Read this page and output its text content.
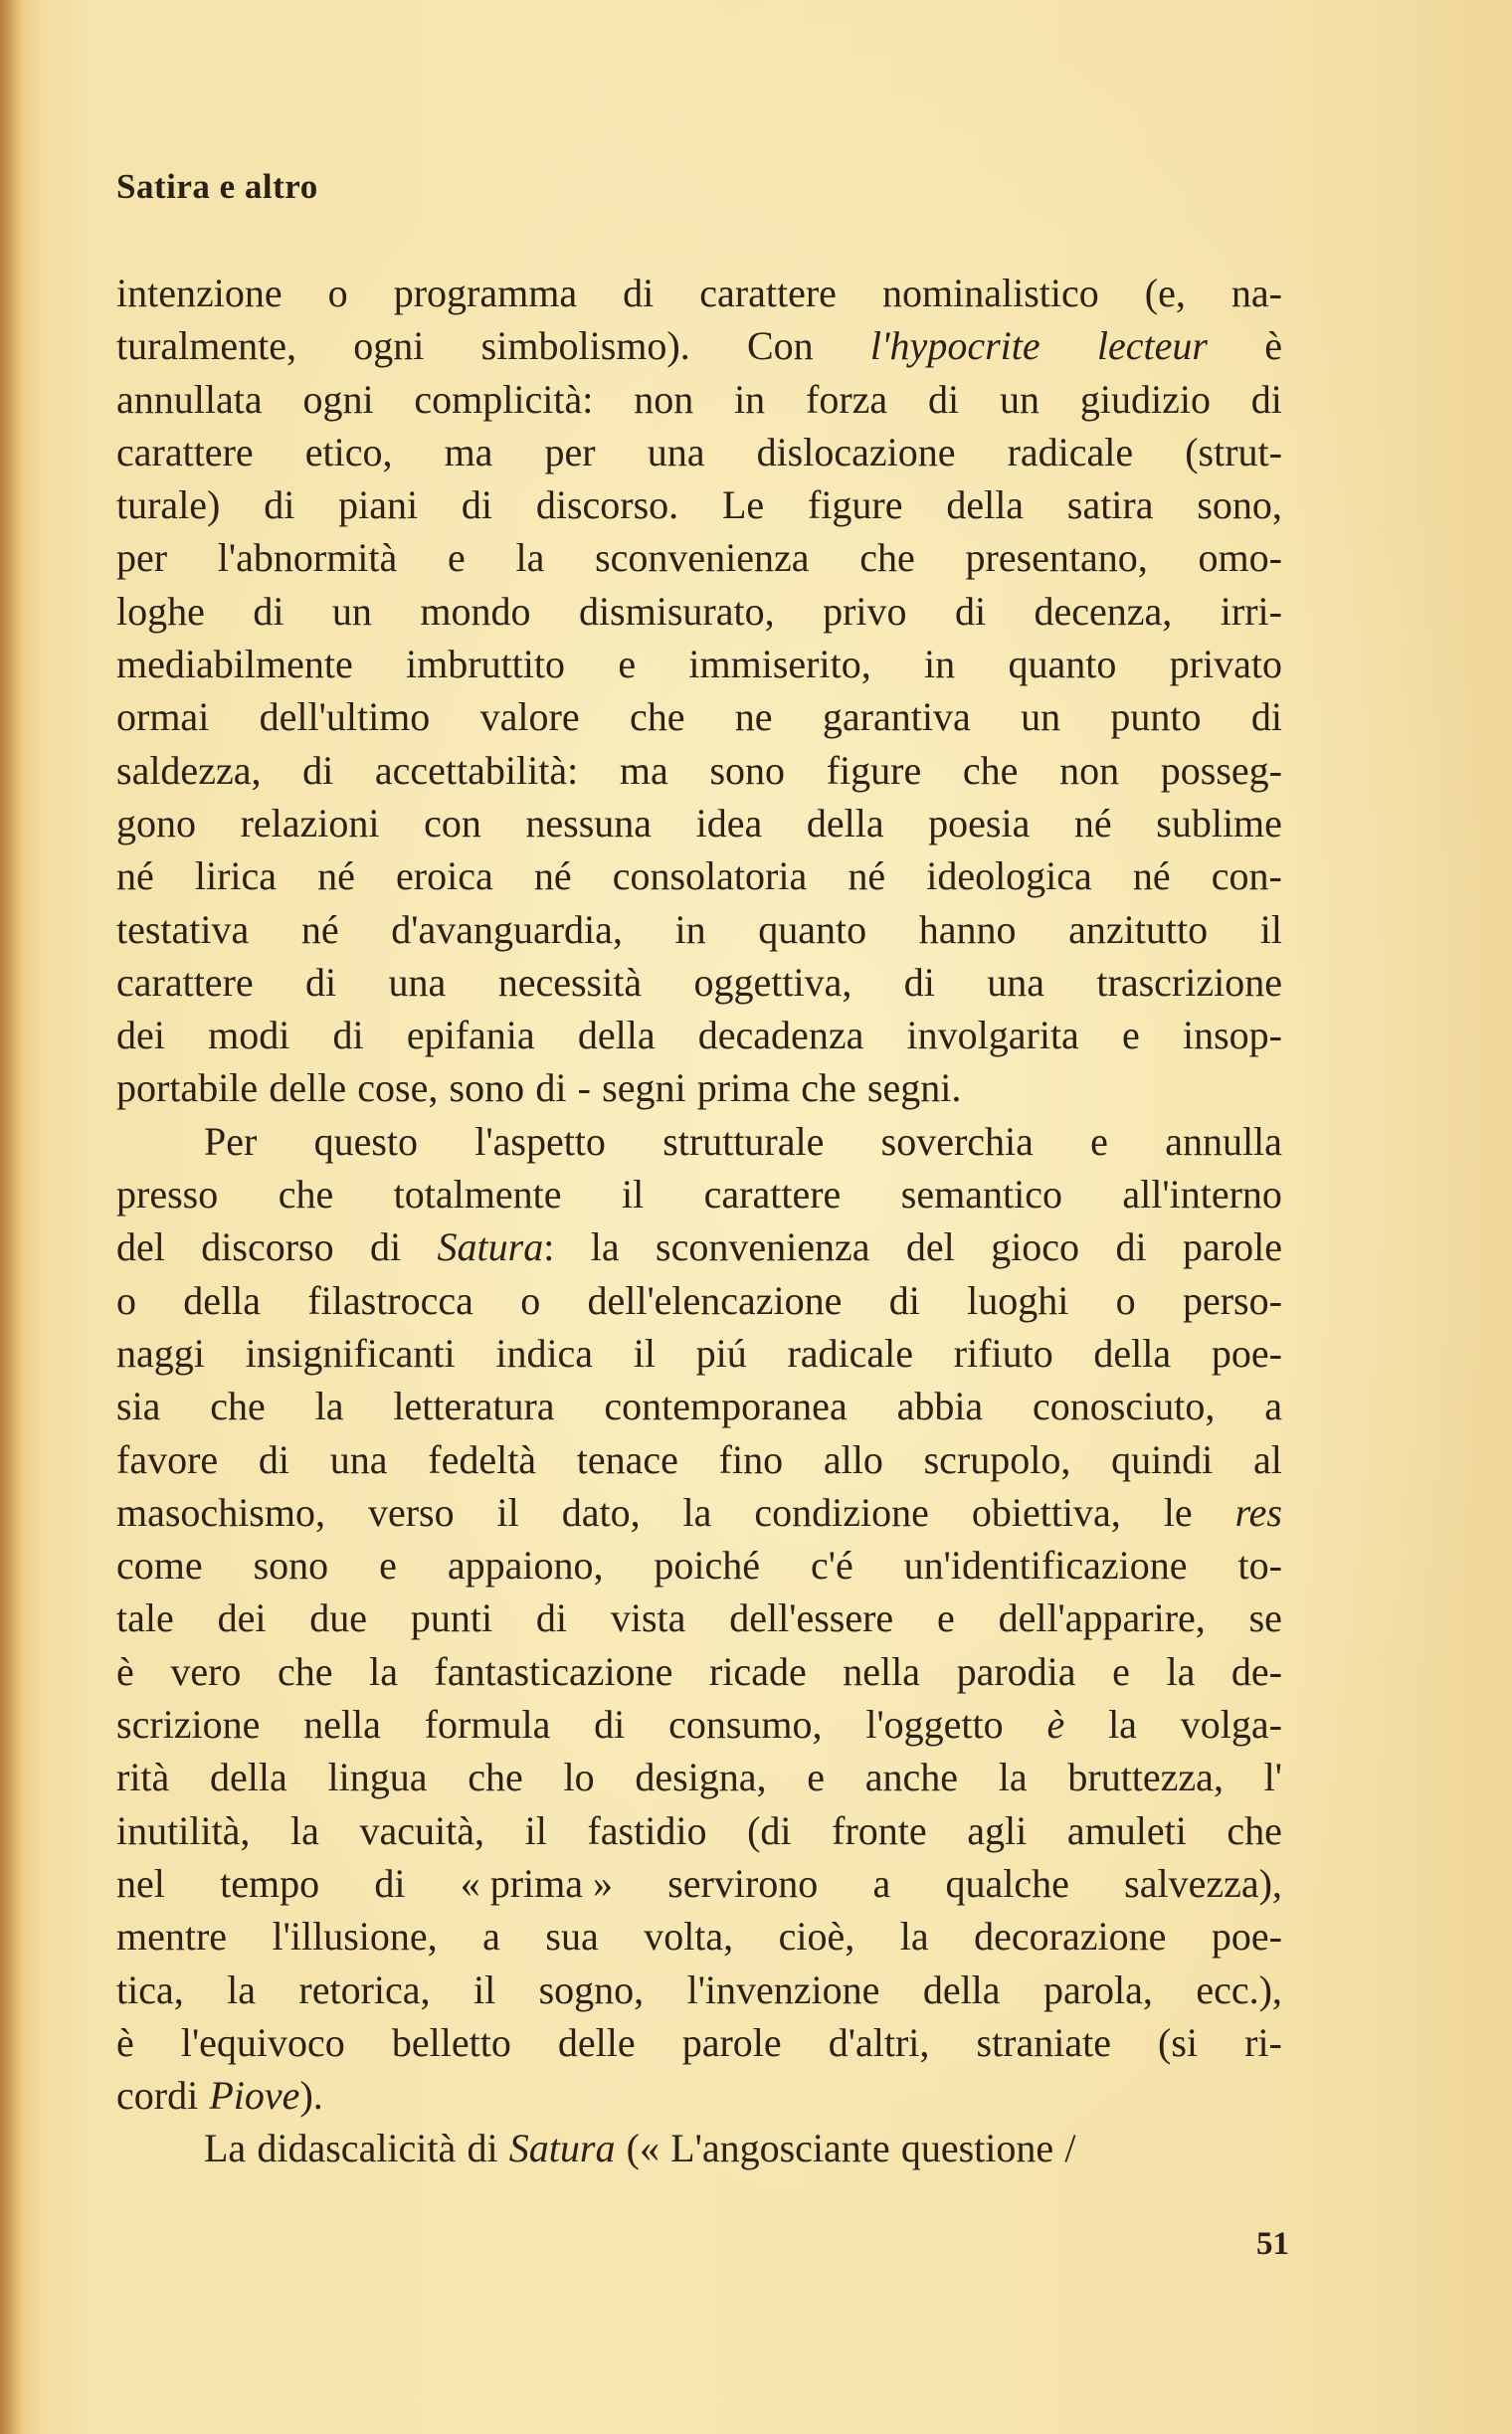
Satira e altro
intenzione o programma di carattere nominalistico (e, na-
turalmente, ogni simbolismo). Con l'hypocrite lecteur è
annullata ogni complicità: non in forza di un giudizio di
carattere etico, ma per una dislocazione radicale (strut-
turale) di piani di discorso. Le figure della satira sono,
per l'abnormità e la sconvenienza che presentano, omo-
loghe di un mondo dismisurato, privo di decenza, irri-
mediabilmente imbruttito e immiserito, in quanto privato
ormai dell'ultimo valore che ne garantiva un punto di
saldezza, di accettabilità: ma sono figure che non posseg-
gono relazioni con nessuna idea della poesia né sublime
né lirica né eroica né consolatoria né ideologica né con-
testativa né d'avanguardia, in quanto hanno anzitutto il
carattere di una necessità oggettiva, di una trascrizione
dei modi di epifania della decadenza involgarita e insop-
portabile delle cose, sono di - segni prima che segni.
Per questo l'aspetto strutturale soverchia e annulla
presso che totalmente il carattere semantico all'interno
del discorso di Satura: la sconvenienza del gioco di parole
o della filastrocca o dell'elencazione di luoghi o perso-
naggi insignificanti indica il piú radicale rifiuto della poe-
sia che la letteratura contemporanea abbia conosciuto, a
favore di una fedeltà tenace fino allo scrupolo, quindi al
masochismo, verso il dato, la condizione obiettiva, le res
come sono e appaiono, poiché c'é un'identificazione to-
tale dei due punti di vista dell'essere e dell'apparire, se
è vero che la fantasticazione ricade nella parodia e la de-
scrizione nella formula di consumo, l'oggetto è la volga-
rità della lingua che lo designa, e anche la bruttezza, l'
inutilità, la vacuità, il fastidio (di fronte agli amuleti che
nel tempo di « prima » servirono a qualche salvezza),
mentre l'illusione, a sua volta, cioè, la decorazione poe-
tica, la retorica, il sogno, l'invenzione della parola, ecc.),
è l'equivoco belletto delle parole d'altri, straniate (si ri-
cordi Piove).
La didascalicità di Satura (« L'angosciante questione /
51
